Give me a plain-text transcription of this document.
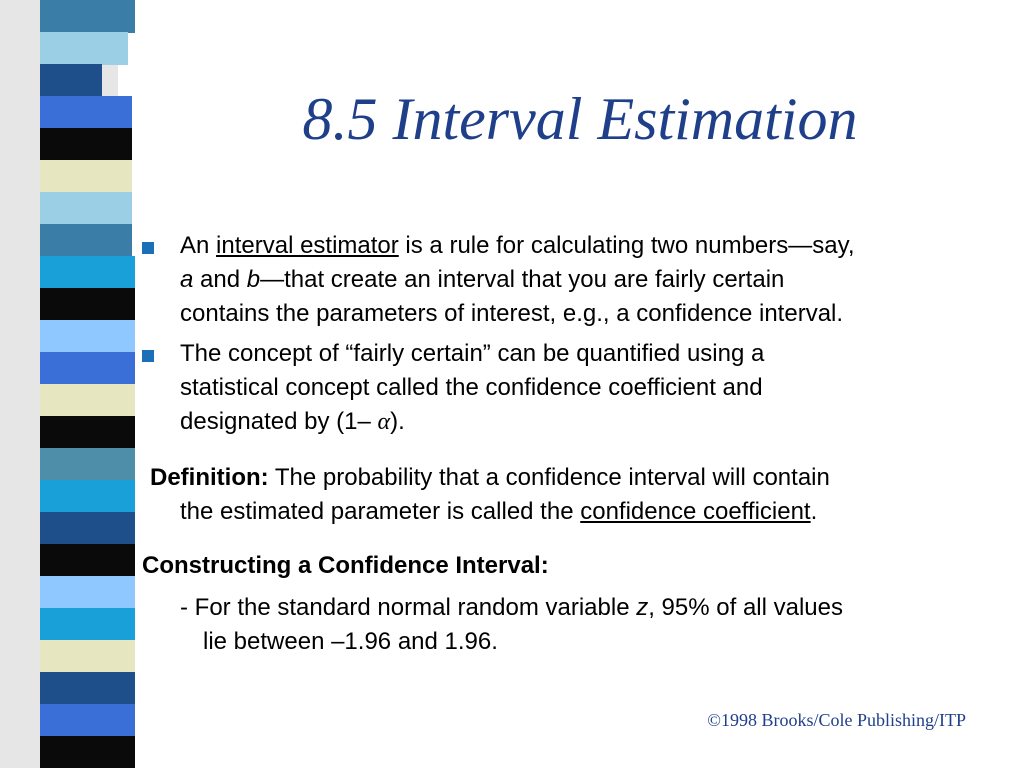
8.5 Interval Estimation
An interval estimator is a rule for calculating two numbers—say,
a and b—that create an interval that you are fairly certain
contains the parameters of interest, e.g., a confidence interval.
The concept of “fairly certain” can be quantified using a
statistical concept called the confidence coefficient and
designated by (1– α).
Definition: The probability that a confidence interval will contain
the estimated parameter is called the confidence coefficient.
Constructing a Confidence Interval:
- For the standard normal random variable z, 95% of all values
lie between –1.96 and 1.96.
©1998 Brooks/Cole Publishing/ITP
